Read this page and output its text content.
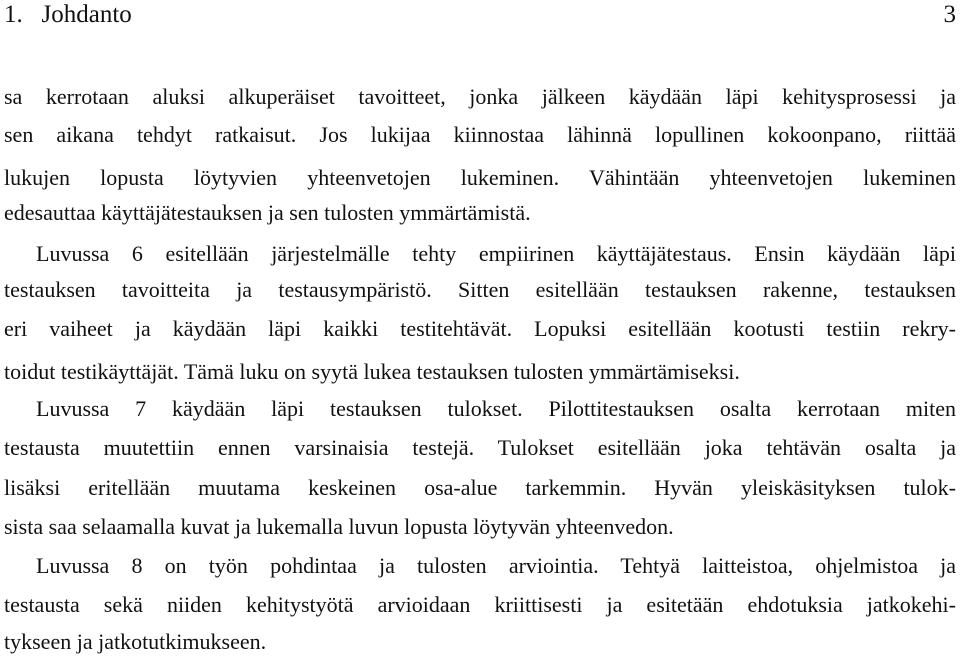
1. Johdanto	3
sa kerrotaan aluksi alkuperäiset tavoitteet, jonka jälkeen käydään läpi kehitysprosessi ja
sen aikana tehdyt ratkaisut. Jos lukijaa kiinnostaa lähinnä lopullinen kokoonpano, riittää
lukujen lopusta löytyvien yhteenvetojen lukeminen. Vähintään yhteenvetojen lukeminen
edesauttaa käyttäjätestauksen ja sen tulosten ymmärtämistä.
Luvussa 6 esitellään järjestelmälle tehty empiirinen käyttäjätestaus. Ensin käydään läpi
testauksen tavoitteita ja testausympäristö. Sitten esitellään testauksen rakenne, testauksen
eri vaiheet ja käydään läpi kaikki testitehtävät. Lopuksi esitellään kootusti testiin rekry-
toidut testikäyttäjät. Tämä luku on syytä lukea testauksen tulosten ymmärtämiseksi.
Luvussa 7 käydään läpi testauksen tulokset. Pilottitestauksen osalta kerrotaan miten
testausta muutettiin ennen varsinaisia testejä. Tulokset esitellään joka tehtävän osalta ja
lisäksi eritellään muutama keskeinen osa-alue tarkemmin. Hyvän yleiskäsityksen tulok-
sista saa selaamalla kuvat ja lukemalla luvun lopusta löytyvän yhteenvedon.
Luvussa 8 on työn pohdintaa ja tulosten arviointia. Tehtyä laitteistoa, ohjelmistoa ja
testausta sekä niiden kehitystyötä arvioidaan kriittisesti ja esitetään ehdotuksia jatkokehi-
tykseen ja jatkotutkimukseen.
